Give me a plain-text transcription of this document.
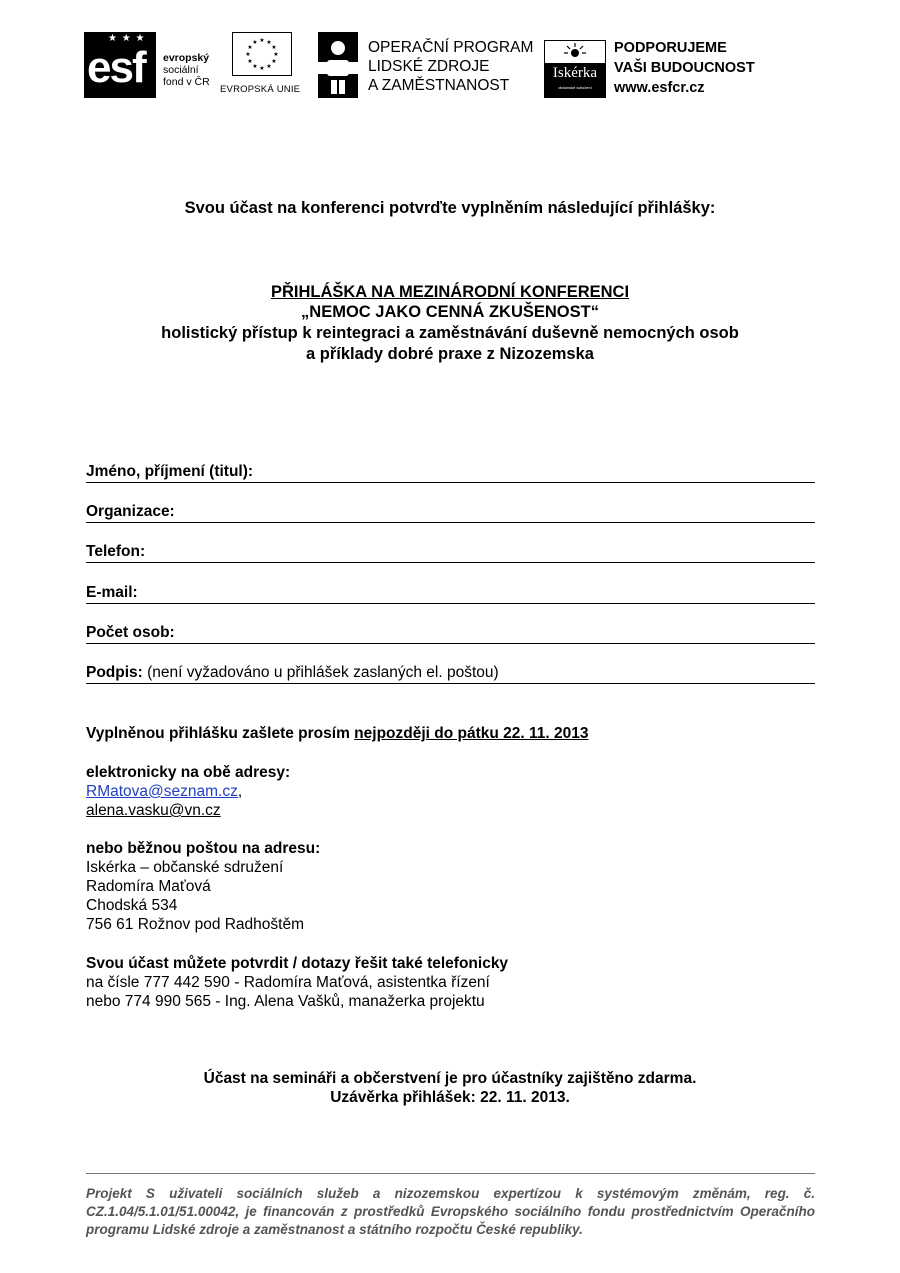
★ ★ ★
esf evropský
sociální
fond v ČR
★ ★
★
★
★
★
★
★
★
★
★
★
EVROPSKÁ UNIE
OPERAČNÍ PROGRAM
LIDSKÉ ZDROJE
A ZAMĚSTNANOST
Iskérka
občanské sdružení
PODPORUJEME
VAŠI BUDOUCNOST
www.esfcr.cz
Svou účast na konferenci potvrďte vyplněním následující přihlášky:
PŘIHLÁŠKA NA MEZINÁRODNÍ KONFERENCI
„NEMOC JAKO CENNÁ ZKUŠENOST“
holistický přístup k reintegraci a zaměstnávání duševně nemocných osob
a příklady dobré praxe z Nizozemska
Jméno, příjmení (titul):
Organizace:
Telefon:
E-mail:
Počet osob:
Podpis: (není vyžadováno u přihlášek zaslaných el. poštou)
Vyplněnou přihlášku zašlete prosím nejpozději do pátku 22. 11. 2013
elektronicky na obě adresy:
RMatova@seznam.cz,
alena.vasku@vn.cz
nebo běžnou poštou na adresu:
Iskérka – občanské sdružení
Radomíra Maťová
Chodská 534
756 61 Rožnov pod Radhoštěm
Svou účast můžete potvrdit / dotazy řešit také telefonicky
na čísle 777 442 590 - Radomíra Maťová, asistentka řízení
nebo 774 990 565 - Ing. Alena Vašků, manažerka projektu
Účast na semináři a občerstvení je pro účastníky zajištěno zdarma.
Uzávěrka přihlášek: 22. 11. 2013.
Projekt S uživateli sociálních služeb a nizozemskou expertízou k systémovým změnám, reg. č. CZ.1.04/5.1.01/51.00042, je financován z prostředků Evropského sociálního fondu prostřednictvím Operačního programu Lidské zdroje a zaměstnanost a státního rozpočtu České republiky.
